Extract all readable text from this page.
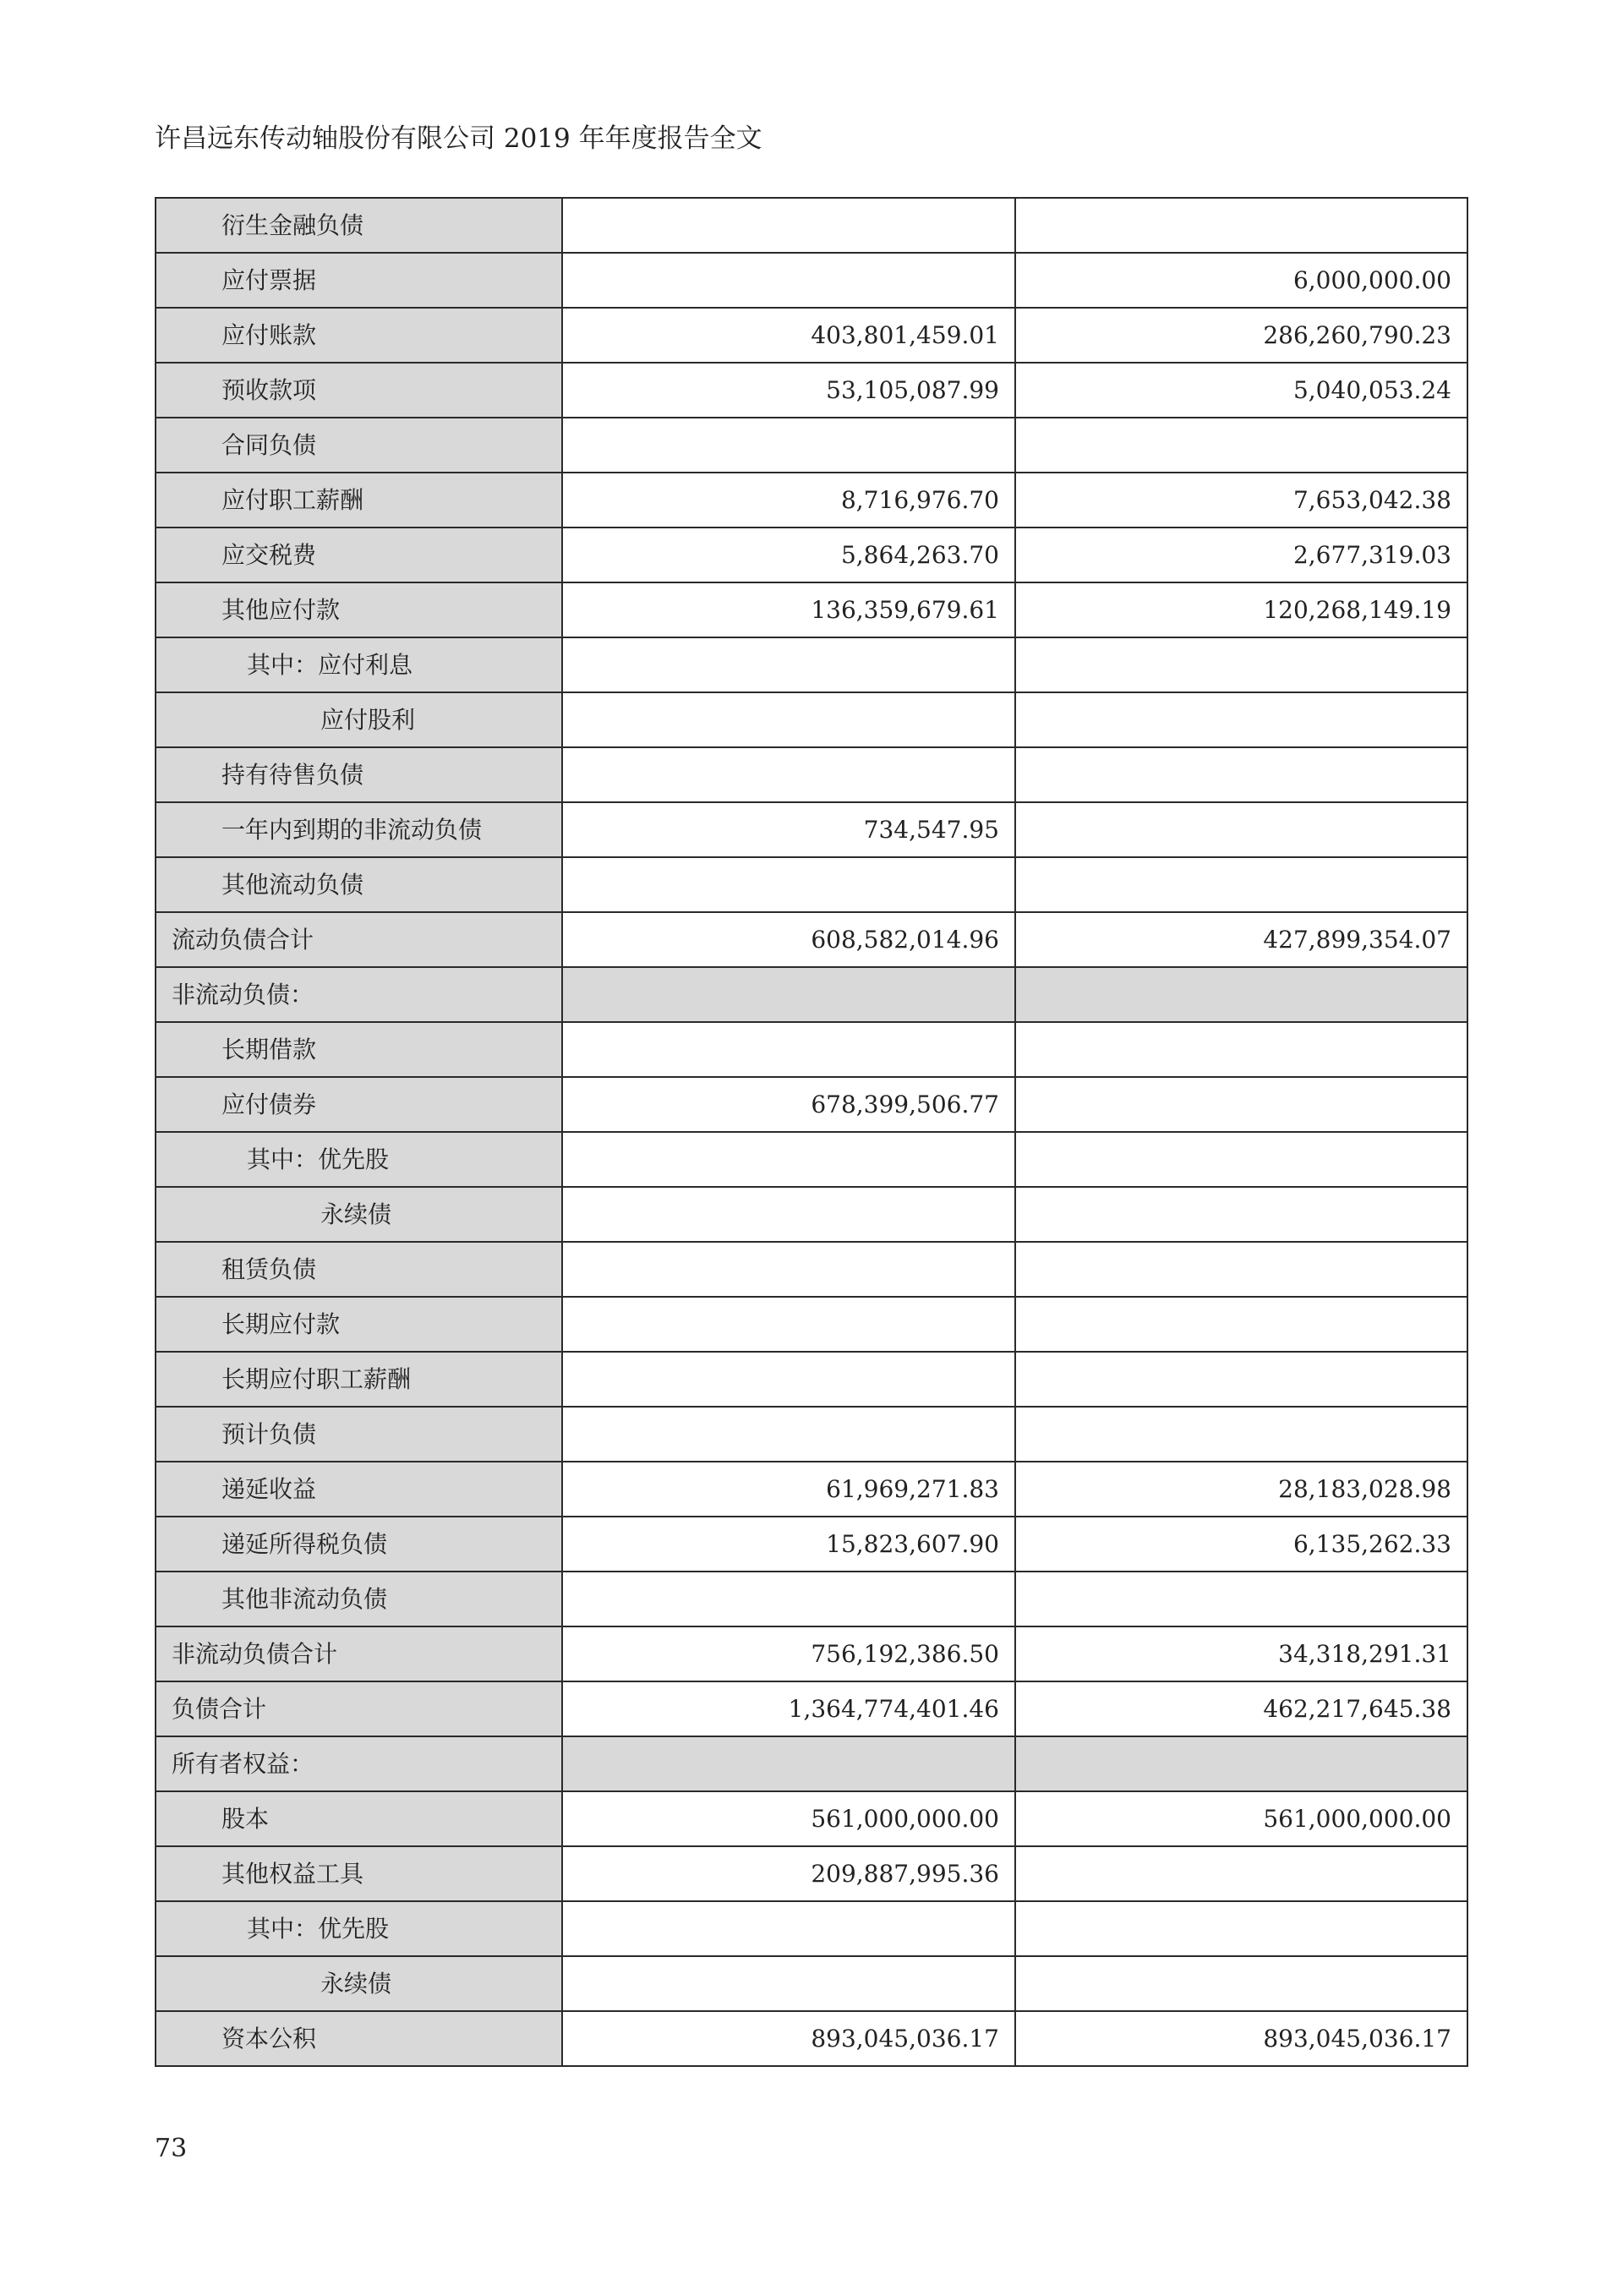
许昌远东传动轴股份有限公司 2019 年年度报告全文
衍生金融负债		
应付票据		6,000,000.00
应付账款	403,801,459.01	286,260,790.23
预收款项	53,105,087.99	5,040,053.24
合同负债		
应付职工薪酬	8,716,976.70	7,653,042.38
应交税费	5,864,263.70	2,677,319.03
其他应付款	136,359,679.61	120,268,149.19
其中：应付利息		
应付股利		
持有待售负债		
一年内到期的非流动负债	734,547.95	
其他流动负债		
流动负债合计	608,582,014.96	427,899,354.07
非流动负债：		
长期借款		
应付债券	678,399,506.77	
其中：优先股		
永续债		
租赁负债		
长期应付款		
长期应付职工薪酬		
预计负债		
递延收益	61,969,271.83	28,183,028.98
递延所得税负债	15,823,607.90	6,135,262.33
其他非流动负债		
非流动负债合计	756,192,386.50	34,318,291.31
负债合计	1,364,774,401.46	462,217,645.38
所有者权益：		
股本	561,000,000.00	561,000,000.00
其他权益工具	209,887,995.36	
其中：优先股		
永续债		
资本公积	893,045,036.17	893,045,036.17
73
